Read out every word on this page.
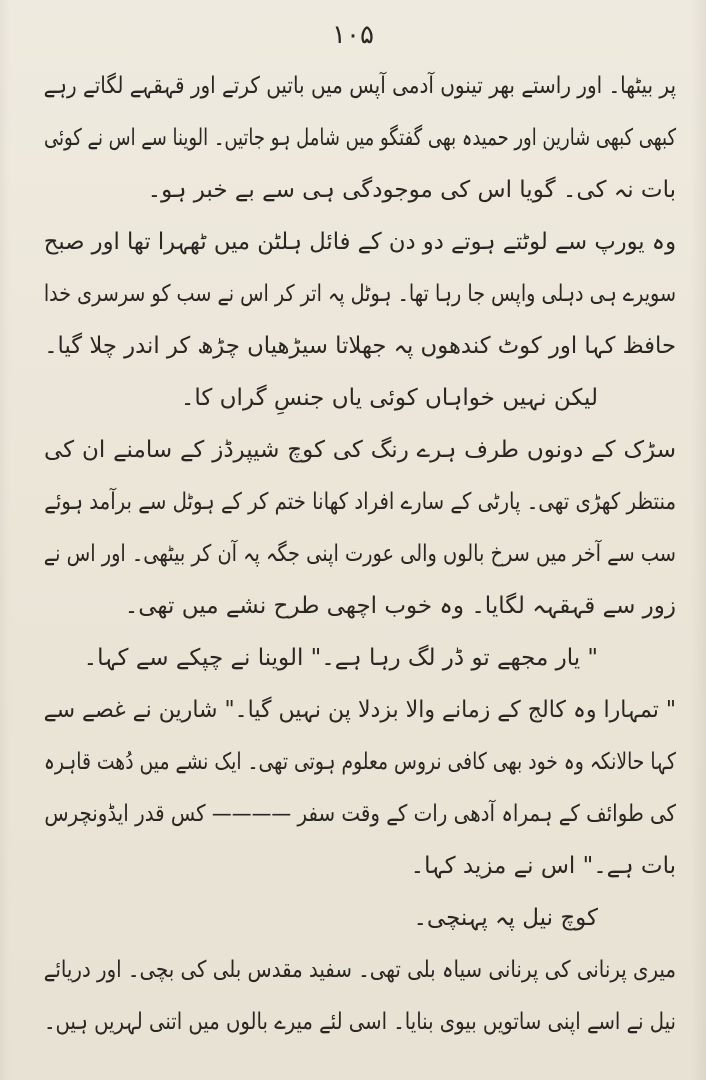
۱۰۵
پر بیٹھا۔ اور راستے بھر تینوں آدمی آپس میں باتیں کرتے اور قہقہے لگاتے رہے
کبھی کبھی شارین اور حمیدہ بھی گفتگو میں شامل ہو جاتیں۔ الوینا سے اس نے کوئی
بات نہ کی۔ گویا اس کی موجودگی ہی سے بے خبر ہو۔
وہ یورپ سے لوٹتے ہوتے دو دن کے فائل ہلٹن میں ٹھہرا تھا اور صبح
سویرے ہی دہلی واپس جا رہا تھا۔ ہوٹل پہ اتر کر اس نے سب کو سرسری خدا
حافظ کہا اور کوٹ کندھوں پہ جھلاتا سیڑھیاں چڑھ کر اندر چلا گیا۔
لیکن نہیں خواہاں کوئی یاں جنسِ گراں کا۔
سڑک کے دونوں طرف ہرے رنگ کی کوچ شیپرڈز کے سامنے ان کی
منتظر کھڑی تھی۔ پارٹی کے سارے افراد کھانا ختم کر کے ہوٹل سے برآمد ہوئے
سب سے آخر میں سرخ بالوں والی عورت اپنی جگہ پہ آن کر بیٹھی۔ اور اس نے
زور سے قہقہہ لگایا۔ وہ خوب اچھی طرح نشے میں تھی۔
" یار مجھے تو ڈر لگ رہا ہے۔" الوینا نے چپکے سے کہا۔
" تمہارا وہ کالج کے زمانے والا بزدلا پن نہیں گیا۔" شارین نے غصے سے
کہا حالانکہ وہ خود بھی کافی نروس معلوم ہوتی تھی۔ ایک نشے میں دُھت قاہرہ
کی طوائف کے ہمراہ آدھی رات کے وقت سفر ———— کس قدر ایڈونچرس
بات ہے۔" اس نے مزید کہا۔
کوچ نیل پہ پہنچی۔
میری پرنانی کی پرنانی سیاہ بلی تھی۔ سفید مقدس بلی کی بچی۔ اور دریائے
نیل نے اسے اپنی ساتویں بیوی بنایا۔ اسی لئے میرے بالوں میں اتنی لہریں ہیں۔
